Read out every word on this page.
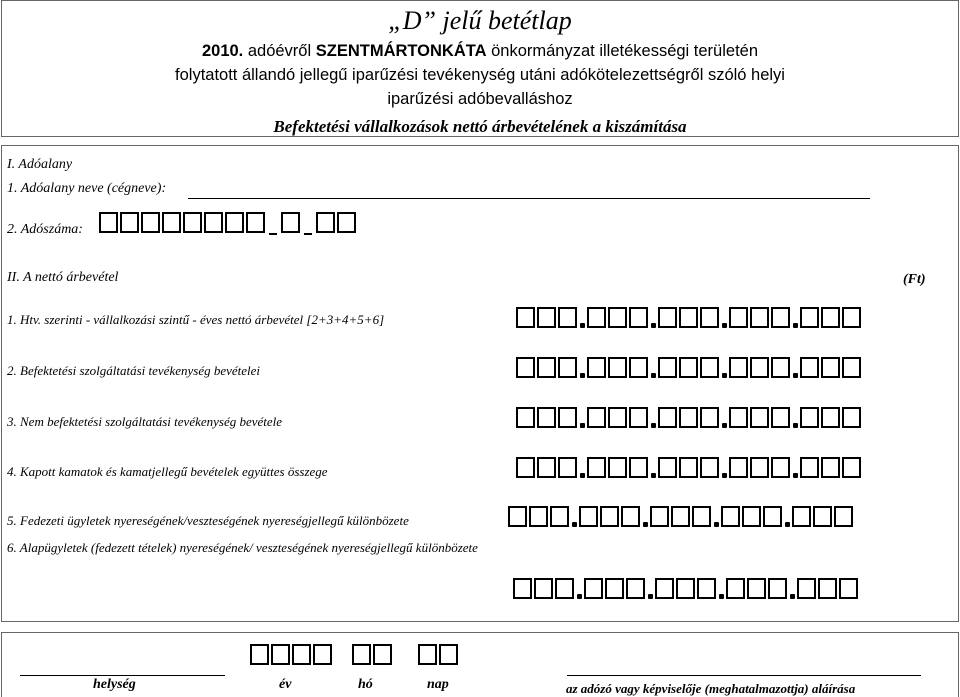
„D” jelű betétlap
2010. adóévről SZENTMÁRTONKÁTA önkormányzat illetékességi területén
folytatott állandó jellegű iparűzési tevékenység utáni adókötelezettségről szóló helyi
iparűzési adóbevalláshoz
Befektetési vállalkozások nettó árbevételének a kiszámítása
I. Adóalany
1. Adóalany neve (cégneve):
2. Adószáma:
II. A nettó árbevétel	(Ft)
1. Htv. szerinti - vállalkozási szintű - éves nettó árbevétel [2+3+4+5+6]
2. Befektetési szolgáltatási tevékenység bevételei
3. Nem befektetési szolgáltatási tevékenység bevétele
4. Kapott kamatok és kamatjellegű bevételek együttes összege
5. Fedezeti ügyletek nyereségének/veszteségének nyereségjellegű különbözete
6. Alapügyletek (fedezett tételek) nyereségének/ veszteségének nyereségjellegű különbözete
helység	év	hó	nap	az adózó vagy képviselője (meghatalmazottja) aláírása
